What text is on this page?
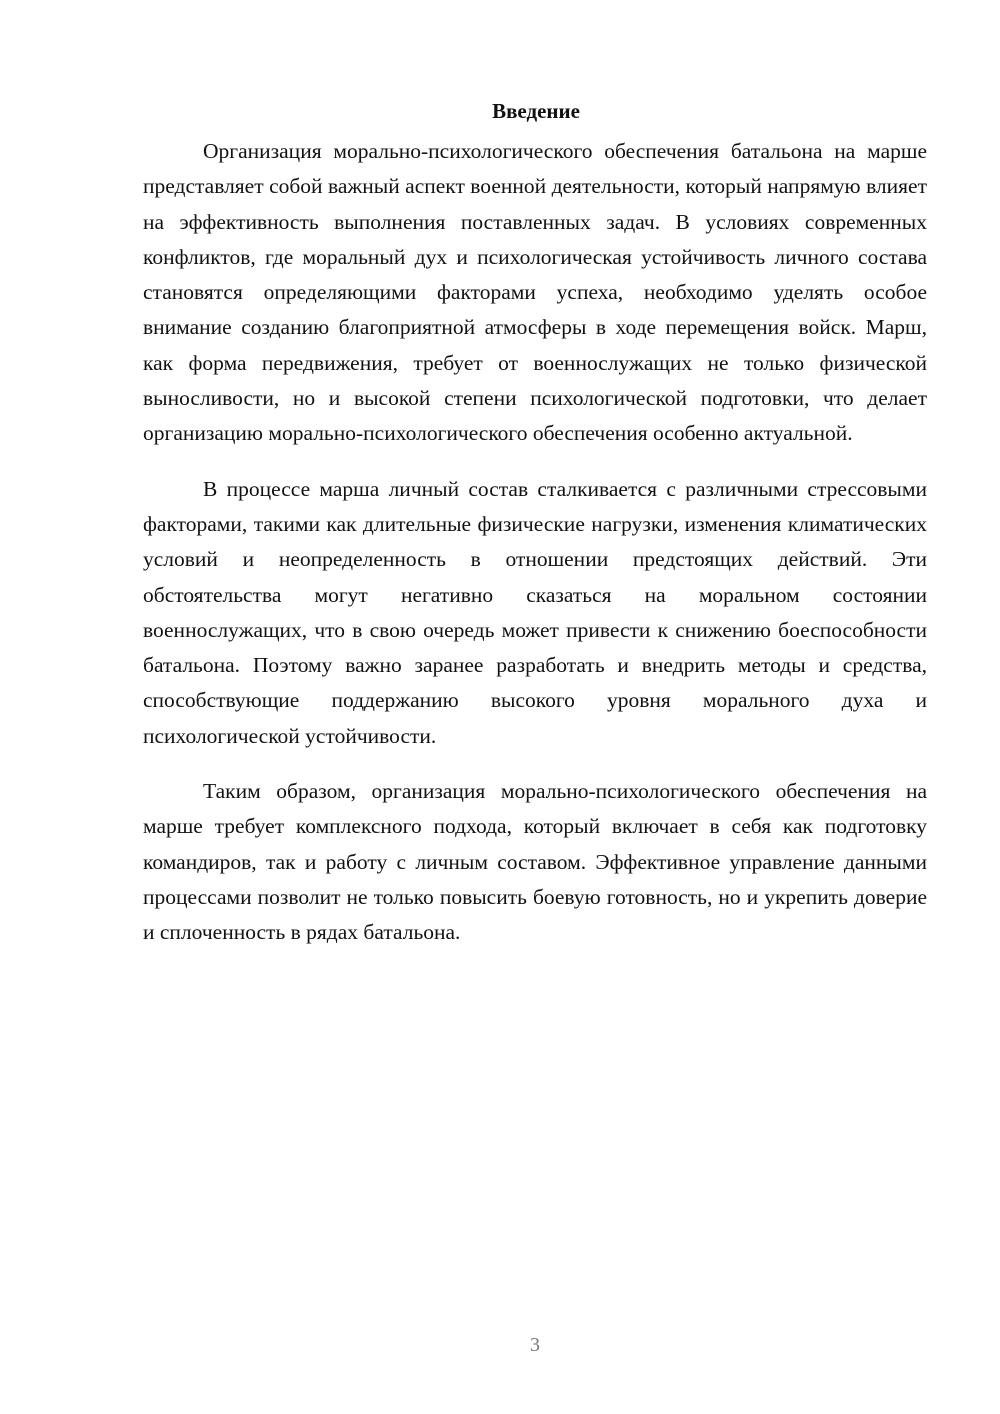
Введение

Организация морально-психологического обеспечения батальона на марше представляет собой важный аспект военной деятельности, который напрямую влияет на эффективность выполнения поставленных задач. В условиях современных конфликтов, где моральный дух и психологическая устойчивость личного состава становятся определяющими факторами успеха, необходимо уделять особое внимание созданию благоприятной атмосферы в ходе перемещения войск. Марш, как форма передвижения, требует от военнослужащих не только физической выносливости, но и высокой степени психологической подготовки, что делает организацию морально-психологического обеспечения особенно актуальной.

В процессе марша личный состав сталкивается с различными стрессовыми факторами, такими как длительные физические нагрузки, изменения климатических условий и неопределенность в отношении предстоящих действий. Эти обстоятельства могут негативно сказаться на моральном состоянии военнослужащих, что в свою очередь может привести к снижению боеспособности батальона. Поэтому важно заранее разработать и внедрить методы и средства, способствующие поддержанию высокого уровня морального духа и психологической устойчивости.

Таким образом, организация морально-психологического обеспечения на марше требует комплексного подхода, который включает в себя как подготовку командиров, так и работу с личным составом. Эффективное управление данными процессами позволит не только повысить боевую готовность, но и укрепить доверие и сплоченность в рядах батальона.

3
